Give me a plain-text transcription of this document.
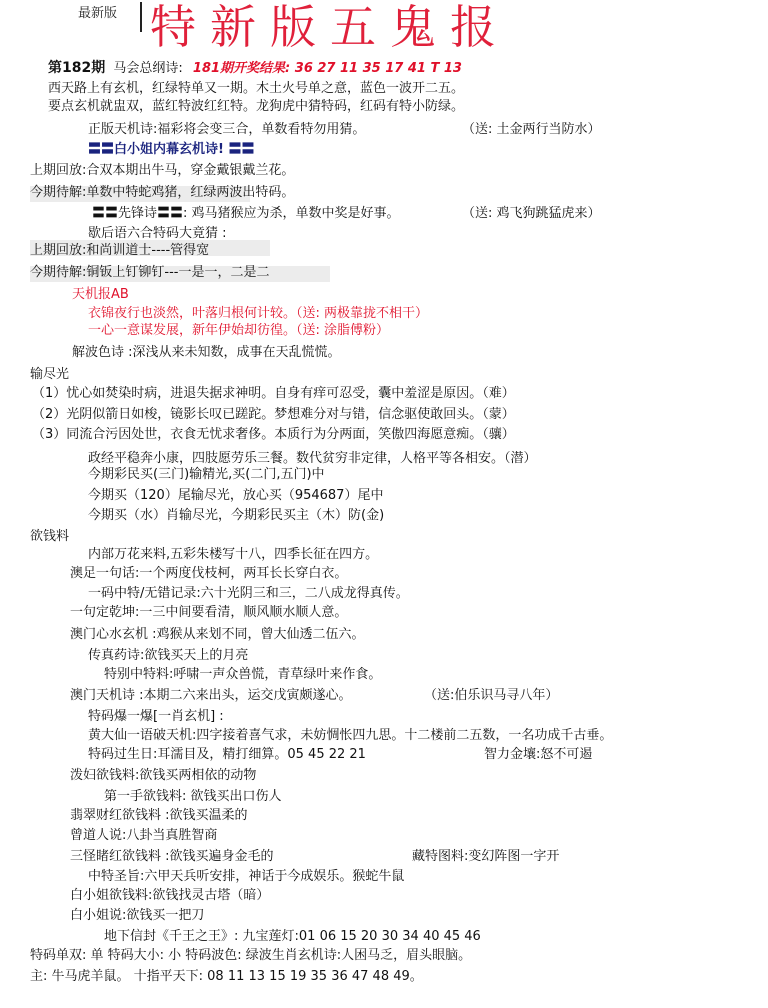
最新版 特新版五鬼报
第182期 马会总纲诗: 181期开奖结果: 36 27 11 35 17 41 T 13
西天路上有玄机，红绿特单又一期。木土火号单之意，蓝色一波开二五。
要点玄机就盅双，蓝红特波红红特。龙狗虎中猜特码，红码有特小防绿。
正版天机诗:福彩将会变三合，单数看特勿用猜。	（送: 土金两行当防水）
〓〓白小姐内幕玄机诗! 〓〓
上期回放:合双本期出牛马，穿金戴银戴兰花。
今期待解:单数中特蛇鸡猪，红绿两波出特码。
〓〓先锋诗〓〓: 鸡马猪猴应为杀，单数中奖是好事。	（送: 鸡飞狗跳猛虎来）
歇后语六合特码大竟猜 :
上期回放:和尚训道士----管得宽
今期待解:铜钣上钉铆钉---一是一，二是二
天机报AB
衣锦夜行也淡然，叶落归根何计较。（送: 两极靠拢不相干）
一心一意谋发展，新年伊始却彷徨。（送: 涂脂傅粉）
解波色诗 :深浅从来未知数，成事在天乱慌慌。
输尽光
（1）忧心如焚染时病，进退失据求神明。自身有痒可忍受，囊中羞涩是原因。（难）
（2）光阴似箭日如梭，镜影长叹已蹉跎。梦想难分对与错，信念驱使敢回头。（蒙）
（3）同流合污因处世，衣食无忧求奢侈。本质行为分两面，笑傲四海愿意痴。（骧）
政经平稳奔小康，四肢愿劳乐三餐。数代贫穷非定律，人格平等各相安。（潜）
今期彩民买(三门)输精光,买(二门,五门)中
今期买（120）尾输尽光，放心买（954687）尾中
今期买（水）肖输尽光，今期彩民买主（木）防(金)
欲钱料
内部万花来料,五彩朱楼写十八，四季长征在四方。
澳足一句话:一个两度伐枝柯，两耳长长穿白衣。
一码中特/无错记录:六十光阴三和三，二八成龙得真传。
一句定乾坤:一三中间要看清，顺风顺水顺人意。
澳门心水玄机 :鸡猴从来划不同，曾大仙透二伍六。
传真药诗:欲钱买天上的月亮
特别中特料:呼啸一声众兽慌，青草绿叶来作食。
澳门天机诗 :本期二六来出头，运交戊寅颇遂心。	（送:伯乐识马寻八年）
特码爆一爆[一肖玄机] :
黄大仙一语破天机:四字接着喜气求，未妨惆怅四九思。十二楼前二五数，一名功成千古垂。
特码过生日:耳濡目及，精打细算。05 45 22 21	智力金壤:怒不可遏
泼妇欲钱料:欲钱买两相依的动物
第一手欲钱料: 欲钱买出口伤人
翡翠财红欲钱料 :欲钱买温柔的
曾道人说:八卦当真胜智商
三怪睹红欲钱料 :欲钱买遍身金毛的	藏特图料:变幻阵图一字开
中特圣旨:六甲天兵听安排，神话于今成娱乐。猴蛇牛鼠
白小姐欲钱料:欲钱找灵古塔（暗）
白小姐说:欲钱买一把刀
地下信封《千王之王》: 九宝莲灯:01 06 15 20 30 34 40 45 46
特码单双: 单 特码大小: 小 特码波色: 绿波生肖玄机诗:人困马乏，眉头眼脑。
主: 牛马虎羊鼠。 十指平天下: 08 11 13 15 19 35 36 47 48 49。
